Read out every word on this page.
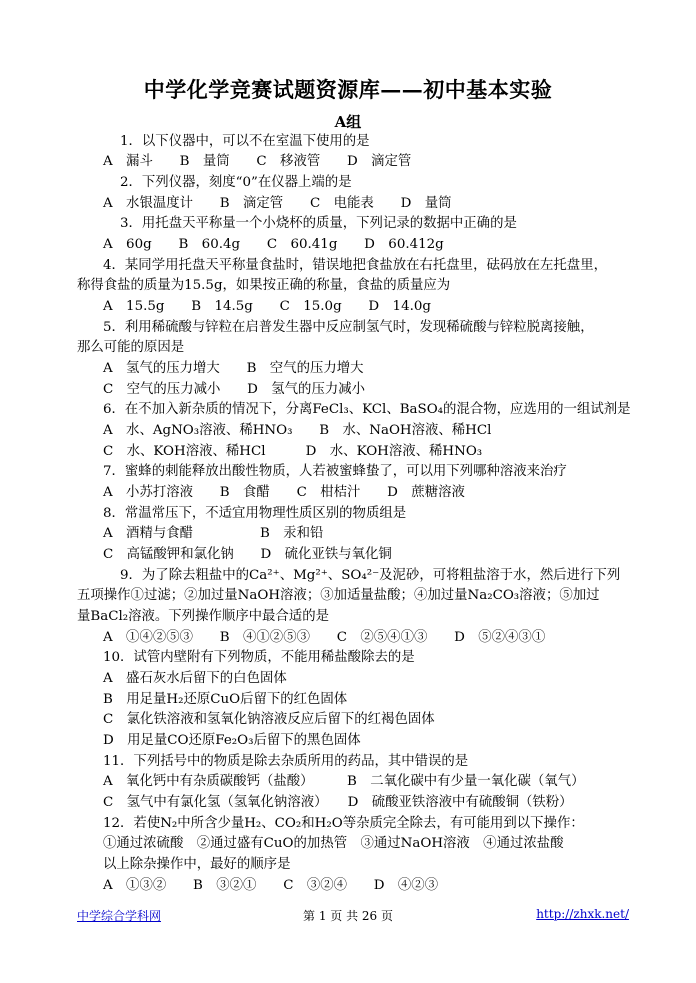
中学化学竞赛试题资源库——初中基本实验
A组
1．以下仪器中，可以不在室温下使用的是
A　漏斗　　B　量筒　　C　移液管　　D　滴定管
2．下列仪器，刻度“0”在仪器上端的是
A　水银温度计　　B　滴定管　　C　电能表　　D　量筒
3．用托盘天平称量一个小烧杯的质量，下列记录的数据中正确的是
A　60g　　B　60.4g　　C　60.41g　　D　60.412g
4．某同学用托盘天平称量食盐时，错误地把食盐放在右托盘里，砝码放在左托盘里，
称得食盐的质量为15.5g，如果按正确的称量，食盐的质量应为
A　15.5g　　B　14.5g　　C　15.0g　　D　14.0g
5．利用稀硫酸与锌粒在启普发生器中反应制氢气时，发现稀硫酸与锌粒脱离接触，
那么可能的原因是
A　氢气的压力增大　　B　空气的压力增大
C　空气的压力减小　　D　氢气的压力减小
6．在不加入新杂质的情况下，分离FeCl₃、KCl、BaSO₄的混合物，应选用的一组试剂是
A　水、AgNO₃溶液、稀HNO₃　　B　水、NaOH溶液、稀HCl
C　水、KOH溶液、稀HCl　　　D　水、KOH溶液、稀HNO₃
7．蜜蜂的刺能释放出酸性物质，人若被蜜蜂蛰了，可以用下列哪种溶液来治疗
A　小苏打溶液　　B　食醋　　C　柑桔汁　　D　蔗糖溶液
8．常温常压下，不适宜用物理性质区别的物质组是
A　酒精与食醋　　　　　B　汞和铅
C　高锰酸钾和氯化钠　　D　硫化亚铁与氧化铜
9．为了除去粗盐中的Ca²⁺、Mg²⁺、SO₄²⁻及泥砂，可将粗盐溶于水，然后进行下列
五项操作①过滤；②加过量NaOH溶液；③加适量盐酸；④加过量Na₂CO₃溶液；⑤加过
量BaCl₂溶液。下列操作顺序中最合适的是
A　①④②⑤③　　B　④①②⑤③　　C　②⑤④①③　　D　⑤②④③①
10．试管内壁附有下列物质，不能用稀盐酸除去的是
A　盛石灰水后留下的白色固体
B　用足量H₂还原CuO后留下的红色固体
C　氯化铁溶液和氢氧化钠溶液反应后留下的红褐色固体
D　用足量CO还原Fe₂O₃后留下的黑色固体
11．下列括号中的物质是除去杂质所用的药品，其中错误的是
A　氧化钙中有杂质碳酸钙（盐酸）　　　B　二氧化碳中有少量一氧化碳（氧气）
C　氢气中有氯化氢（氢氧化钠溶液）　　D　硫酸亚铁溶液中有硫酸铜（铁粉）
12．若使N₂中所含少量H₂、CO₂和H₂O等杂质完全除去，有可能用到以下操作：
①通过浓硫酸　②通过盛有CuO的加热管　③通过NaOH溶液　④通过浓盐酸
以上除杂操作中，最好的顺序是
A　①③②　　B　③②①　　C　③②④　　D　④②③
中学综合学科网	第 1 页 共 26 页	http://zhxk.net/
